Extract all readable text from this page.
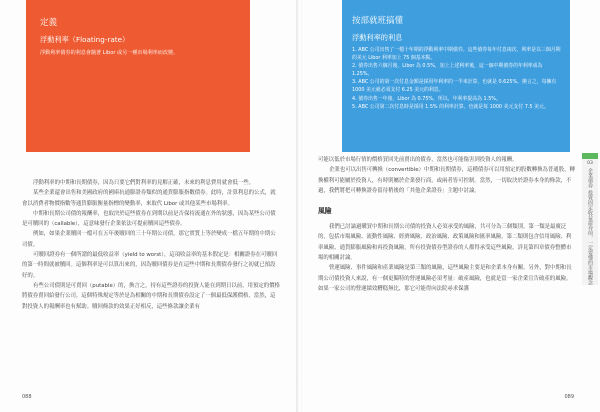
定義
浮動利率（Floating-rate）
浮動利率債券的利息會隨著 Libor 或另一種市場利率而改變。

浮動利率的中期和長期債券，因為只要它們對利率的見解正確，未來的利息費用就會低一些。

某些企業還會出售和美國政府的國庫抗通膨證券類似的通貨膨脹指數債券。此時，計算利息的公式，就會以消費者物價指數等通貨膨脹衡量指標的變動率，來取代 Libor 或其他某些市場利率。

中期和長期公司債的報酬率，也取決於這些債券在到期以前是否保持流通在外的狀態，因為某些公司債是可贖回的（callable），這意味發行企業依法可提前贖回這些債券。

例如，如果企業贖回一檔可在五年後贖回的三十年期公司債，那它實質上等於變成一檔五年期的中期公司債。

可贖回證券有一個所謂的最低收益率（yield to worst），這項收益率的基本假定是：相關證券在可贖回的第一時間就被贖回。這個利率是可以算出來的，因為贖回債券是在這些中期和長期債券發行之初就已預設好的。

有些公司債則是可賣回（putable）的，換言之，持有這些證券的投資人能在到期日以前，用預定的價格將債券賣回給發行公司。這個特殊規定等於是為相關的中期和長期債券設定了一個最低保護價格，當然，這對投資人的報酬率也有幫助。贖回條款的效果正好相反，這些條款讓企業有

088
按部就班搞懂
浮動利率的利息
1. ABC 公司出售了一檔十年期的浮動利率中期債券。這些債券每年付息兩次，利率是以三個月期的美元 Libor 利率加上 75 個基本點。
2. 債券出售六個月後，Libor 為 0.5%，加上上述利率後，這一個中期債券的年利率成為 1.25%。
3. ABC 公司的第一次付息金額是採用年利率的一半來計算，也就是 0.625%。換言之，每擁有 1000 美元就必須支付 6.25 美元的利息。
4. 債券出售一年後，Libor 為 0.75%，所以，年利率提高為 1.5%。
5. ABC 公司第二次付息時是採用 1.5% 的利率計算，也就是每 1000 美元支付 7.5 美元。

可能以低於市場行情的價格買回先前賣出的債券，當然也可能傷害到投資人的報酬。

企業也可以出售可轉換（convertible）中期和長期債券，這種債券可以用預定的股數轉換為普通股，轉換權利可能屬於投資人，有時則屬於企業發行商，或兩者皆可控制。當然，一切取決於證券本身的條款，不過，我們將把可轉換證券留待稍後的「其他企業證券」主題中討論。

風險

我們已討論過購買中期和長期公司債的投資人必須承受的風險，共可分為三個類別。第一類是最廣泛的，包括市場風險、流動性風險、經濟風險、政治風險、政策風險和匯率風險。第二類則包含信用風險、利率風險、通貨膨脹風險和再投資風險。所有投資債券型證券的人都得承受這些風險，詳見第四章債券整體市場的相關討論。

營運風險、事件風險和產業風險是第三類的風險，這些風險主要是和企業本身有關。另外，對中期和長期公司債投資人來說，有一個更獨特的營運風險必須考量：破產風險，也就是當一家企業宣告破產的風險。如果一家公司的營運績效糟糕無比，那它可能得向法院尋求保護

089
03
企業債券
投資固定收益證券前，一定要懂的市場觀念
